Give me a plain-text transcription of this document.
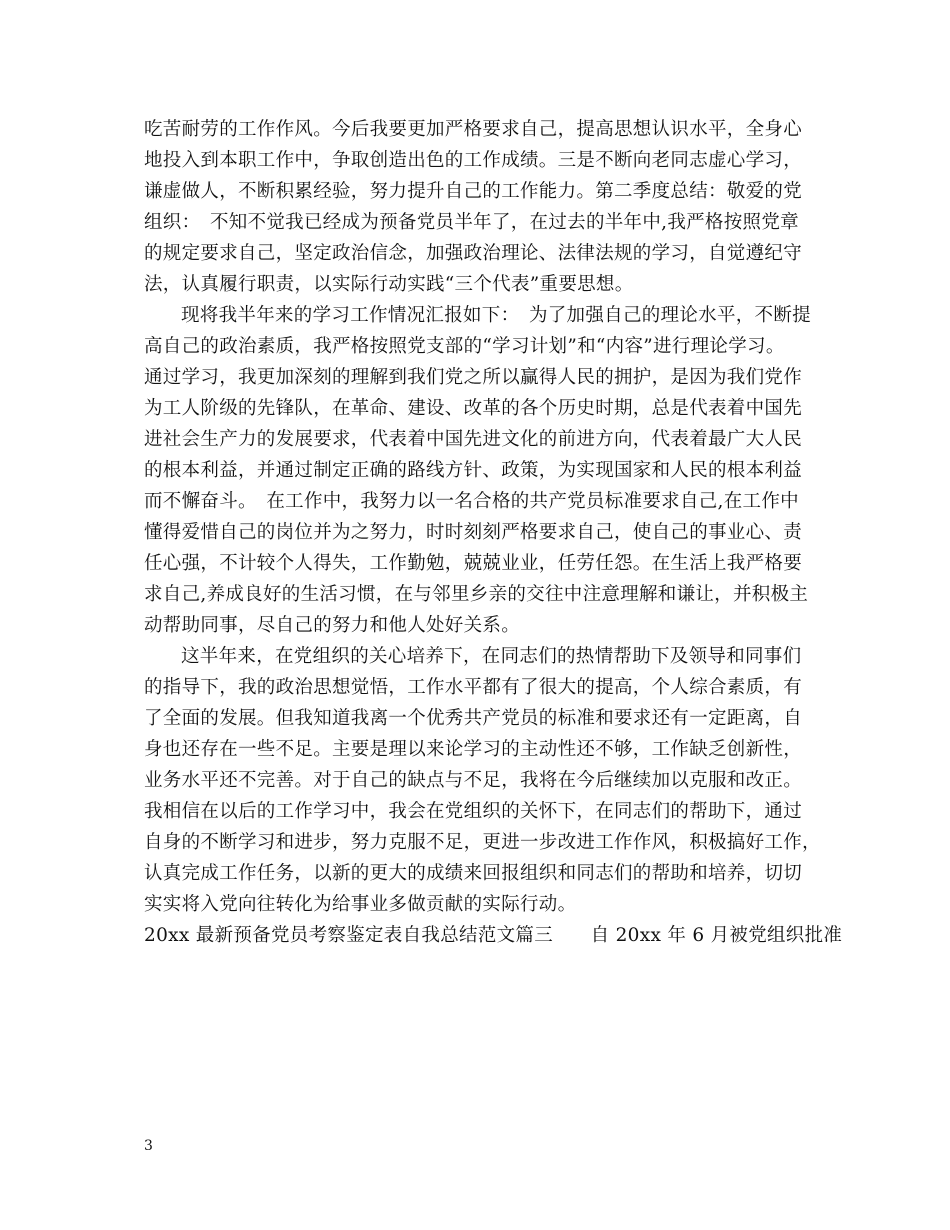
吃苦耐劳的工作作风。今后我要更加严格要求自己，提高思想认识水平，全身心
地投入到本职工作中，争取创造出色的工作成绩。三是不断向老同志虚心学习，
谦虚做人，不断积累经验，努力提升自己的工作能力。第二季度总结：敬爱的党
组织：　不知不觉我已经成为预备党员半年了，在过去的半年中,我严格按照党章
的规定要求自己，坚定政治信念，加强政治理论、法律法规的学习，自觉遵纪守
法，认真履行职责，以实际行动实践“三个代表”重要思想。
现将我半年来的学习工作情况汇报如下：　为了加强自己的理论水平，不断提
高自己的政治素质，我严格按照党支部的“学习计划”和“内容”进行理论学习。
通过学习，我更加深刻的理解到我们党之所以赢得人民的拥护，是因为我们党作
为工人阶级的先锋队，在革命、建设、改革的各个历史时期，总是代表着中国先
进社会生产力的发展要求，代表着中国先进文化的前进方向，代表着最广大人民
的根本利益，并通过制定正确的路线方针、政策，为实现国家和人民的根本利益
而不懈奋斗。　在工作中，我努力以一名合格的共产党员标准要求自己,在工作中
懂得爱惜自己的岗位并为之努力，时时刻刻严格要求自己，使自己的事业心、责
任心强，不计较个人得失，工作勤勉，兢兢业业，任劳任怨。在生活上我严格要
求自己,养成良好的生活习惯，在与邻里乡亲的交往中注意理解和谦让，并积极主
动帮助同事，尽自己的努力和他人处好关系。
这半年来，在党组织的关心培养下，在同志们的热情帮助下及领导和同事们
的指导下，我的政治思想觉悟，工作水平都有了很大的提高，个人综合素质，有
了全面的发展。但我知道我离一个优秀共产党员的标准和要求还有一定距离，自
身也还存在一些不足。主要是理以来论学习的主动性还不够，工作缺乏创新性，
业务水平还不完善。对于自己的缺点与不足，我将在今后继续加以克服和改正。
我相信在以后的工作学习中，我会在党组织的关怀下，在同志们的帮助下，通过
自身的不断学习和进步，努力克服不足，更进一步改进工作作风，积极搞好工作，
认真完成工作任务，以新的更大的成绩来回报组织和同志们的帮助和培养，切切
实实将入党向往转化为给事业多做贡献的实际行动。
20xx 最新预备党员考察鉴定表自我总结范文篇三　　自 20xx 年 6 月被党组织批准
3
